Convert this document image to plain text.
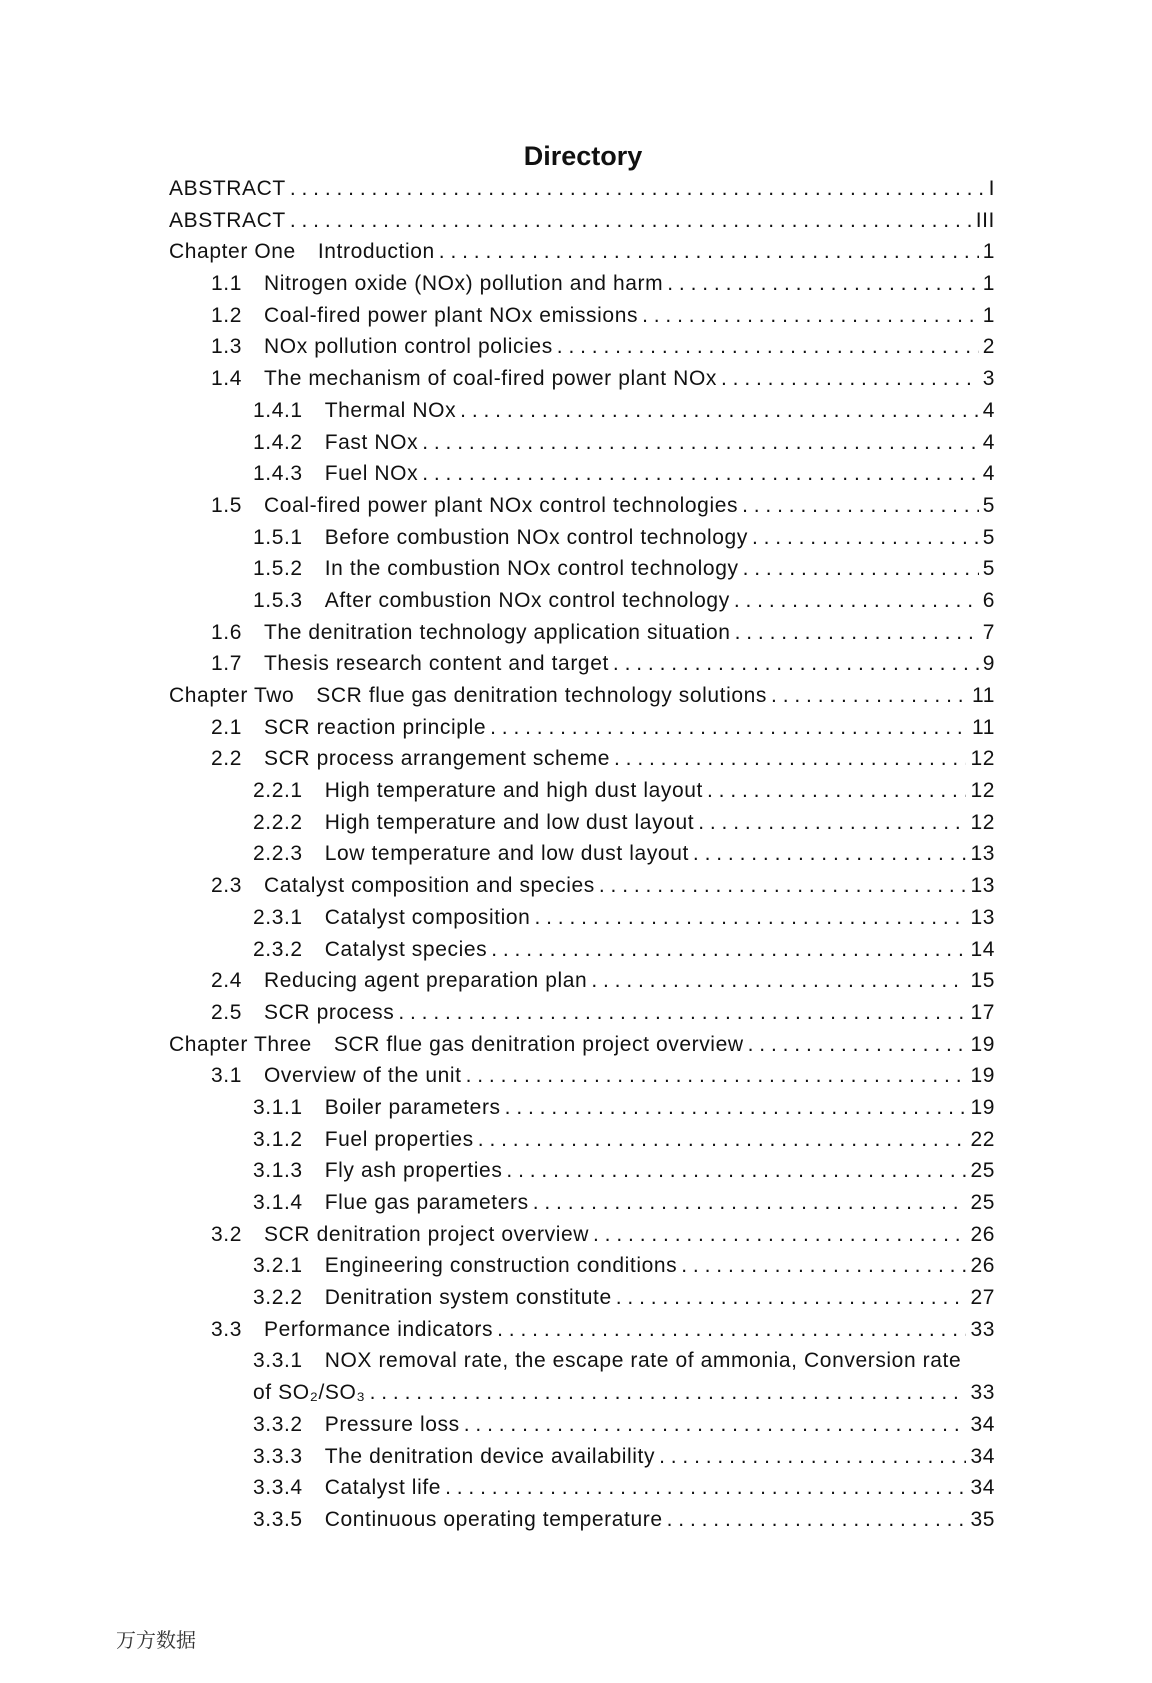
Directory
ABSTRACT . . .	I
ABSTRACT . . .	III
Chapter One Introduction . . .	1
1.1 Nitrogen oxide (NOx) pollution and harm . . .	1
1.2 Coal-fired power plant NOx emissions . . .	1
1.3 NOx pollution control policies . . .	2
1.4 The mechanism of coal-fired power plant NOx . . .	3
1.4.1 Thermal NOx . . .	4
1.4.2 Fast NOx . . .	4
1.4.3 Fuel NOx . . .	4
1.5 Coal-fired power plant NOx control technologies . . .	5
1.5.1 Before combustion NOx control technology . . .	5
1.5.2 In the combustion NOx control technology . . .	5
1.5.3 After combustion NOx control technology . . .	6
1.6 The denitration technology application situation . . .	7
1.7 Thesis research content and target . . .	9
Chapter Two SCR flue gas denitration technology solutions . . .	11
2.1 SCR reaction principle . . .	11
2.2 SCR process arrangement scheme . . .	12
2.2.1 High temperature and high dust layout . . .	12
2.2.2 High temperature and low dust layout . . .	12
2.2.3 Low temperature and low dust layout . . .	13
2.3 Catalyst composition and species . . .	13
2.3.1 Catalyst composition . . .	13
2.3.2 Catalyst species . . .	14
2.4 Reducing agent preparation plan . . .	15
2.5 SCR process . . .	17
Chapter Three SCR flue gas denitration project overview . . .	19
3.1 Overview of the unit . . .	19
3.1.1 Boiler parameters . . .	19
3.1.2 Fuel properties . . .	22
3.1.3 Fly ash properties . . .	25
3.1.4 Flue gas parameters . . .	25
3.2 SCR denitration project overview . . .	26
3.2.1 Engineering construction conditions . . .	26
3.2.2 Denitration system constitute . . .	27
3.3 Performance indicators . . .	33
3.3.1 NOX removal rate, the escape rate of ammonia, Conversion rate
of SO₂/SO₃ . . .	33
3.3.2 Pressure loss . . .	34
3.3.3 The denitration device availability . . .	34
3.3.4 Catalyst life . . .	34
3.3.5 Continuous operating temperature . . .	35
万方数据
